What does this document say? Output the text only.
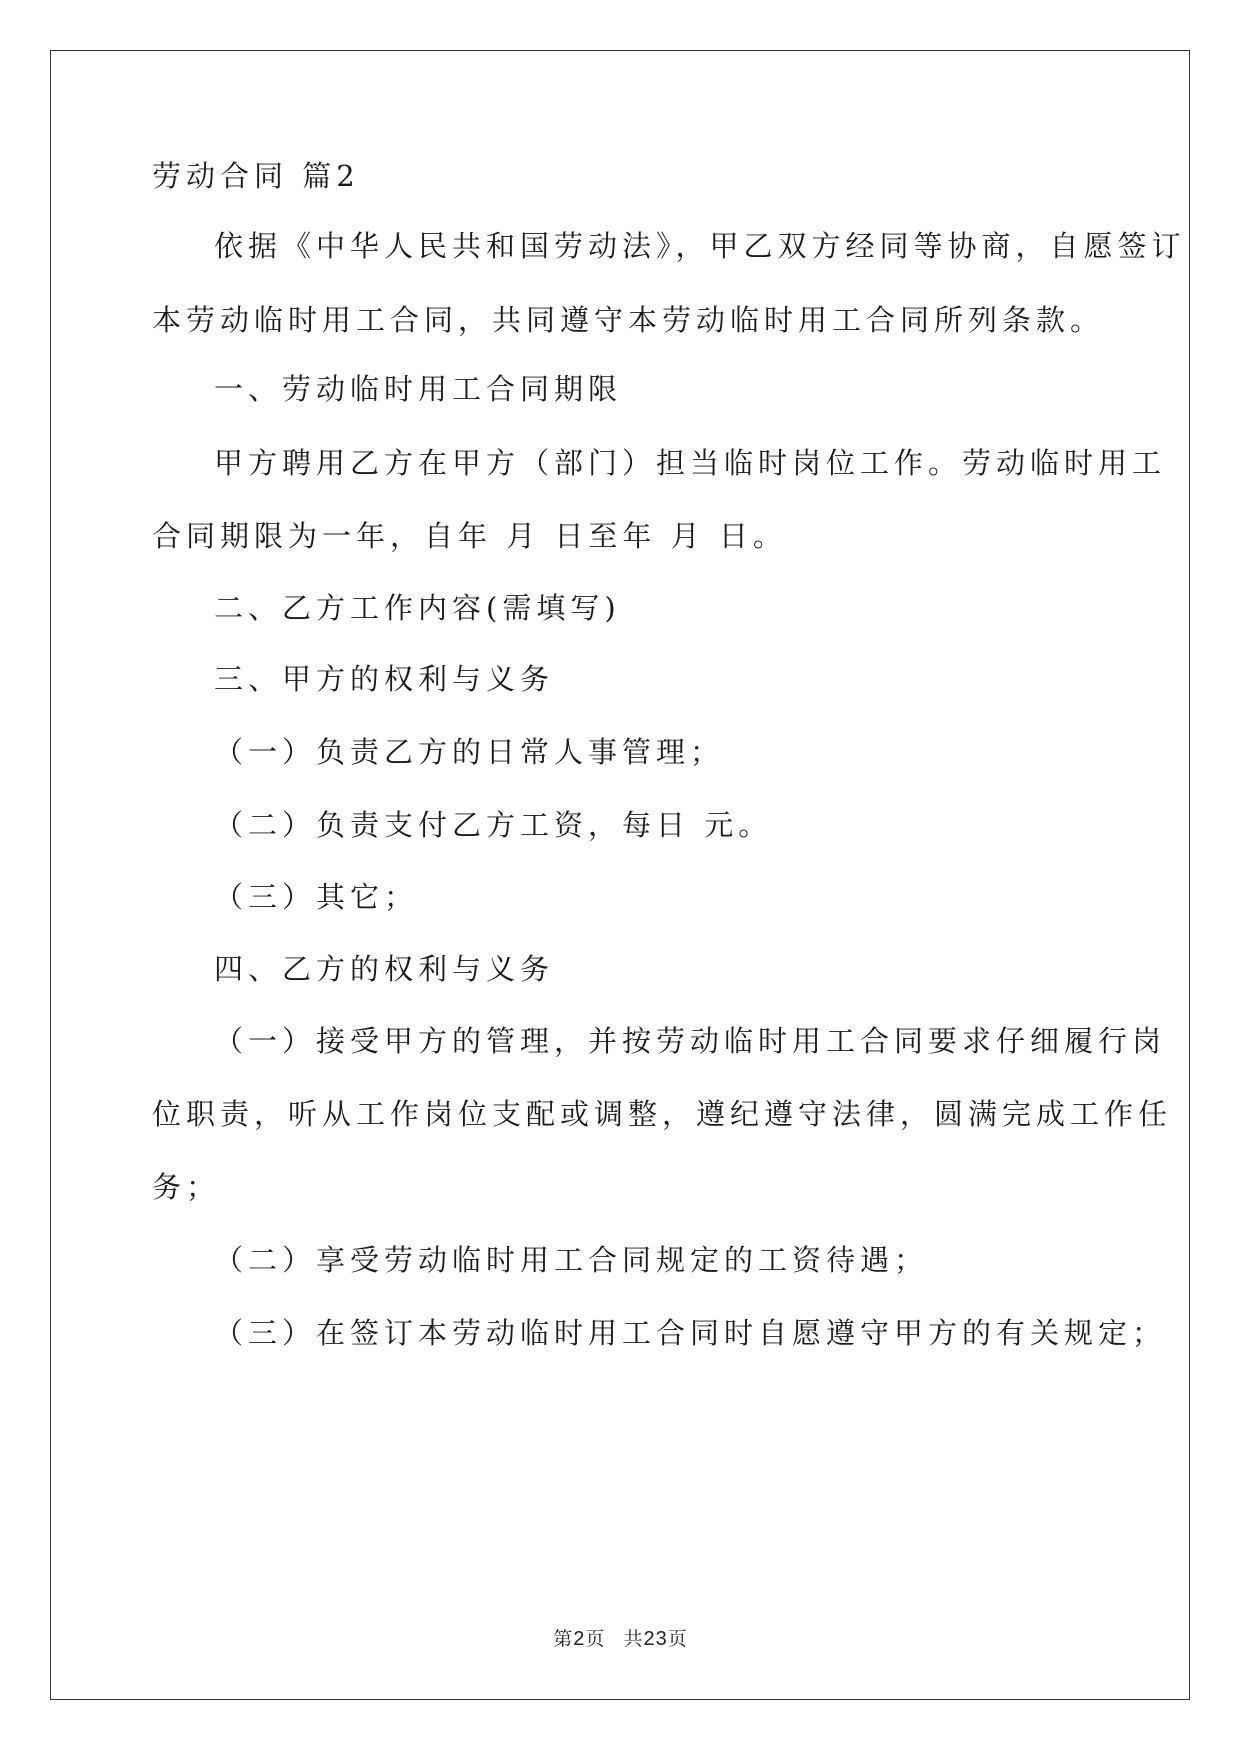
劳动合同 篇2
依据《中华人民共和国劳动法》，甲乙双方经同等协商，自愿签订
本劳动临时用工合同，共同遵守本劳动临时用工合同所列条款。
一、劳动临时用工合同期限
甲方聘用乙方在甲方（部门）担当临时岗位工作。劳动临时用工
合同期限为一年，自年 月 日至年 月 日。
二、乙方工作内容(需填写)
三、甲方的权利与义务
（一）负责乙方的日常人事管理；
（二）负责支付乙方工资，每日 元。
（三）其它；
四、乙方的权利与义务
（一）接受甲方的管理，并按劳动临时用工合同要求仔细履行岗
位职责，听从工作岗位支配或调整，遵纪遵守法律，圆满完成工作任
务；
（二）享受劳动临时用工合同规定的工资待遇；
（三）在签订本劳动临时用工合同时自愿遵守甲方的有关规定；
第2页 共23页
